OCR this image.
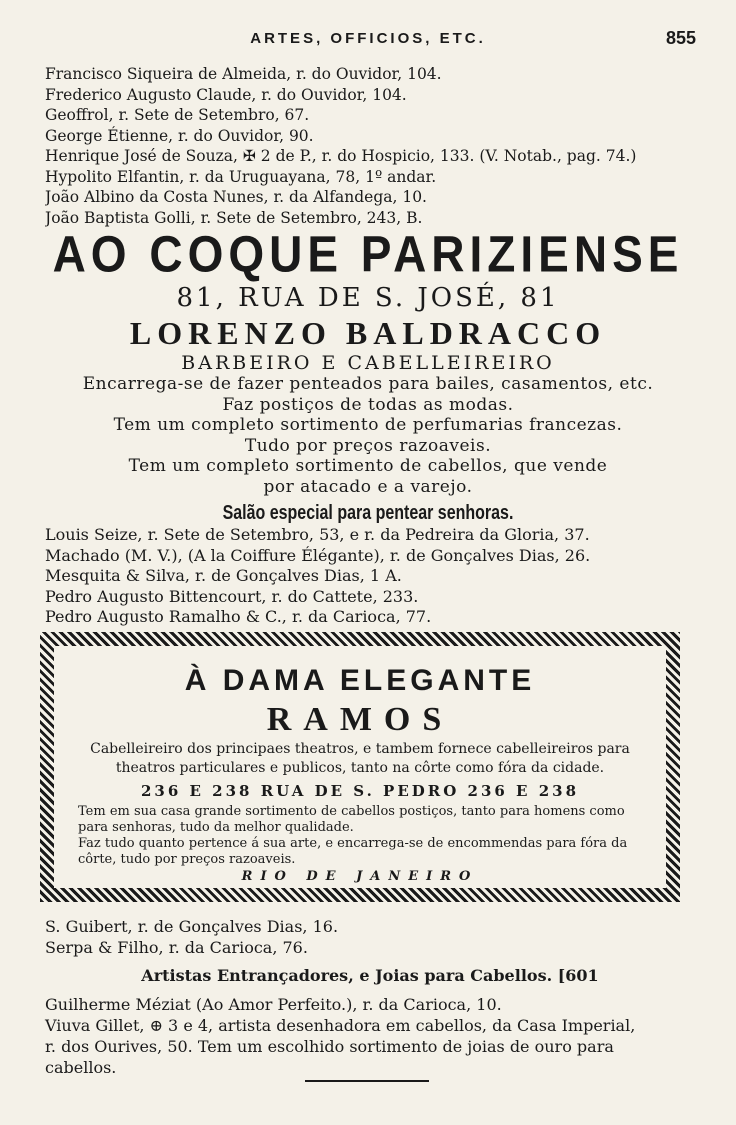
ARTES, OFFICIOS, ETC.	855
Francisco Siqueira de Almeida, r. do Ouvidor, 104.
Frederico Augusto Claude, r. do Ouvidor, 104.
Geoffrol, r. Sete de Setembro, 67.
George Étienne, r. do Ouvidor, 90.
Henrique José de Souza, ✠ 2 de P., r. do Hospicio, 133. (V. Notab., pag. 74.)
Hypolito Elfantin, r. da Uruguayana, 78, 1º andar.
João Albino da Costa Nunes, r. da Alfandega, 10.
João Baptista Golli, r. Sete de Setembro, 243, B.
AO COQUE PARIZIENSE
81, RUA DE S. JOSÉ, 81
LORENZO BALDRACCO
BARBEIRO E CABELLEIREIRO
Encarrega-se de fazer penteados para bailes, casamentos, etc.
Faz postiços de todas as modas.
Tem um completo sortimento de perfumarias francezas.
Tudo por preços razoaveis.
Tem um completo sortimento de cabellos, que vende
por atacado e a varejo.
Salão especial para pentear senhoras.
Louis Seize, r. Sete de Setembro, 53, e r. da Pedreira da Gloria, 37.
Machado (M. V.), (A la Coiffure Élégante), r. de Gonçalves Dias, 26.
Mesquita & Silva, r. de Gonçalves Dias, 1 A.
Pedro Augusto Bittencourt, r. do Cattete, 233.
Pedro Augusto Ramalho & C., r. da Carioca, 77.
À DAMA ELEGANTE
RAMOS
Cabelleireiro dos principaes theatros, e tambem fornece cabelleireiros para theatros particulares e publicos, tanto na côrte como fóra da cidade.
236 E 238 RUA DE S. PEDRO 236 E 238
Tem em sua casa grande sortimento de cabellos postiços, tanto para homens como para senhoras, tudo da melhor qualidade.
Faz tudo quanto pertence á sua arte, e encarrega-se de encommendas para fóra da côrte, tudo por preços razoaveis.
RIO DE JANEIRO
S. Guibert, r. de Gonçalves Dias, 16.
Serpa & Filho, r. da Carioca, 76.
Artistas Entrançadores, e Joias para Cabellos. [601
Guilherme Méziat (Ao Amor Perfeito.), r. da Carioca, 10.
Viuva Gillet, ⊕ 3 e 4, artista desenhadora em cabellos, da Casa Imperial,
r. dos Ourives, 50. Tem um escolhido sortimento de joias de ouro para
cabellos.
